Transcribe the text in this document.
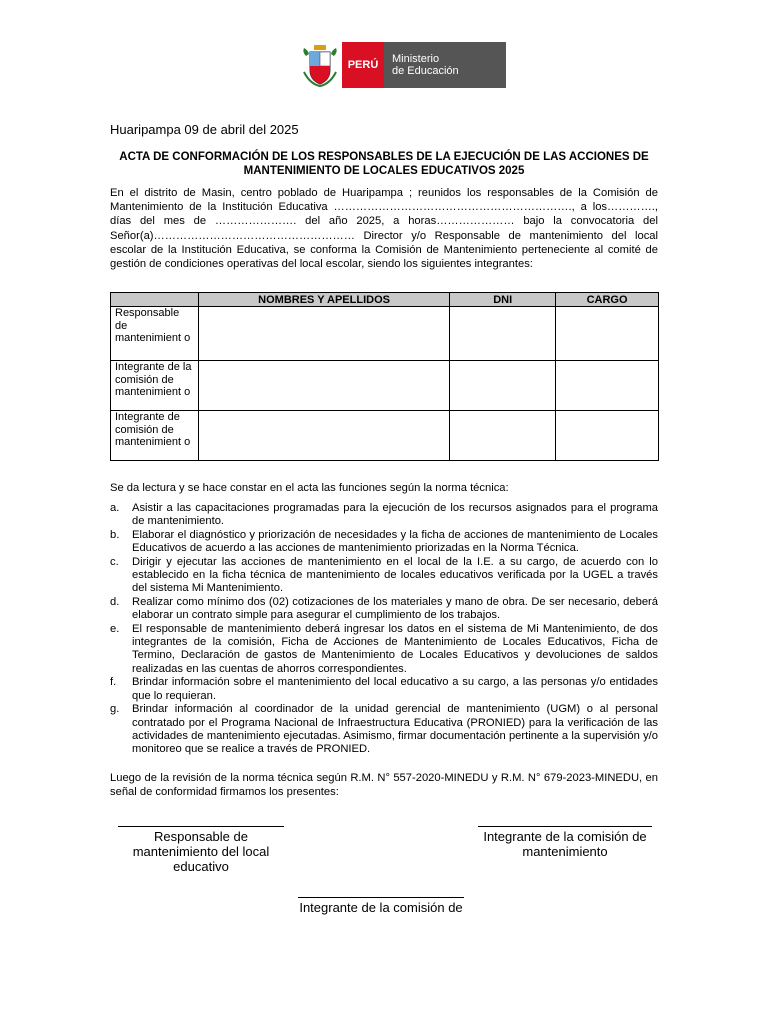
PERÚ	Ministerio
de Educación
Huaripampa 09 de abril del 2025
ACTA DE CONFORMACIÓN DE LOS RESPONSABLES DE LA EJECUCIÓN DE LAS ACCIONES DE
MANTENIMIENTO DE LOCALES EDUCATIVOS 2025
En el distrito de Masin, centro poblado de Huaripampa ; reunidos los responsables de la Comisión de Mantenimiento de la Institución Educativa ………………………………………………………., a los…………., días del mes de …………………. del año 2025, a horas………………… bajo la convocatoria del Señor(a)……………………………………………… Director y/o Responsable de mantenimiento del local escolar de la Institución Educativa, se conforma la Comisión de Mantenimiento perteneciente al comité de gestión de condiciones operativas del local escolar, siendo los siguientes integrantes:
	NOMBRES Y APELLIDOS	DNI	CARGO
Responsable de mantenimient o			
Integrante de la comisión de mantenimient o			
Integrante de comisión de mantenimient o			
Se da lectura y se hace constar en el acta las funciones según la norma técnica:
a. Asistir a las capacitaciones programadas para la ejecución de los recursos asignados para el programa de mantenimiento.
b. Elaborar el diagnóstico y priorización de necesidades y la ficha de acciones de mantenimiento de Locales Educativos de acuerdo a las acciones de mantenimiento priorizadas en la Norma Técnica.
c. Dirigir y ejecutar las acciones de mantenimiento en el local de la I.E. a su cargo, de acuerdo con lo establecido en la ficha técnica de mantenimiento de locales educativos verificada por la UGEL a través del sistema Mi Mantenimiento.
d. Realizar como mínimo dos (02) cotizaciones de los materiales y mano de obra. De ser necesario, deberá elaborar un contrato simple para asegurar el cumplimiento de los trabajos.
e. El responsable de mantenimiento deberá ingresar los datos en el sistema de Mi Mantenimiento, de dos integrantes de la comisión, Ficha de Acciones de Mantenimiento de Locales Educativos, Ficha de Termino, Declaración de gastos de Mantenimiento de Locales Educativos y devoluciones de saldos realizadas en las cuentas de ahorros correspondientes.
f. Brindar información sobre el mantenimiento del local educativo a su cargo, a las personas y/o entidades que lo requieran.
g. Brindar información al coordinador de la unidad gerencial de mantenimiento (UGM) o al personal contratado por el Programa Nacional de Infraestructura Educativa (PRONIED) para la verificación de las actividades de mantenimiento ejecutadas. Asimismo, firmar documentación pertinente a la supervisión y/o monitoreo que se realice a través de PRONIED.
Luego de la revisión de la norma técnica según R.M. N° 557-2020-MINEDU y R.M. N° 679-2023-MINEDU, en señal de conformidad firmamos los presentes:
Responsable de mantenimiento del local educativo
Integrante de la comisión de mantenimiento
Integrante de la comisión de
